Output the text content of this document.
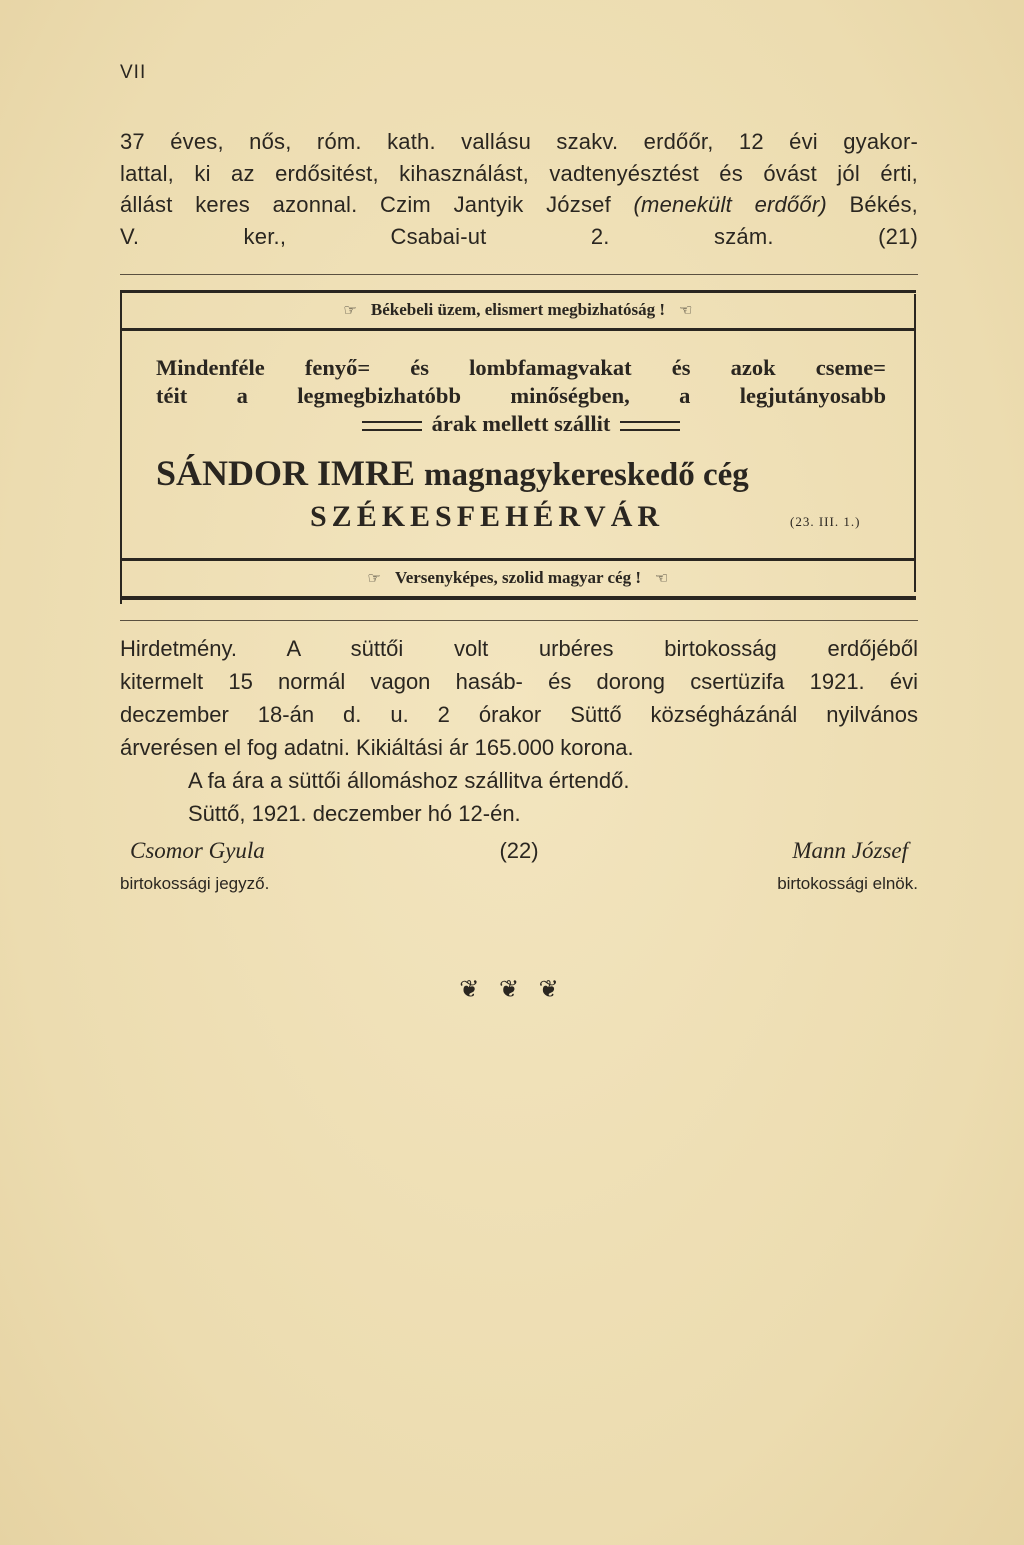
VII
37 éves, nős, róm. kath. vallásu szakv. erdőőr, 12 évi gyakor-
lattal, ki az erdősitést, kihasználást, vadtenyésztést és óvást jól érti,
állást keres azonnal. Czim Jantyik József (menekült erdőőr) Békés,
V. ker., Csabai-ut 2. szám.	(21)
☞ Békebeli üzem, elismert megbizhatóság ! ☜
Mindenféle fenyő= és lombfamagvakat és azok cseme=
téit a legmegbizhatóbb minőségben, a legjutányosabb
árak mellett szállit
SÁNDOR IMRE magnagykereskedő cég
SZÉKESFEHÉRVÁR	(23. III. 1.)
☞ Versenyképes, szolid magyar cég ! ☜
Hirdetmény. A süttői volt urbéres birtokosság erdőjéből
kitermelt 15 normál vagon hasáb- és dorong csertüzifa 1921. évi
deczember 18-án d. u. 2 órakor Süttő községházánál nyilvános
árverésen el fog adatni. Kikiáltási ár 165.000 korona.
A fa ára a süttői állomáshoz szállitva értendő.
Süttő, 1921. deczember hó 12-én.
Csomor Gyula	(22)	Mann József
birtokossági jegyző.	birtokossági elnök.
❦ ❦ ❦
